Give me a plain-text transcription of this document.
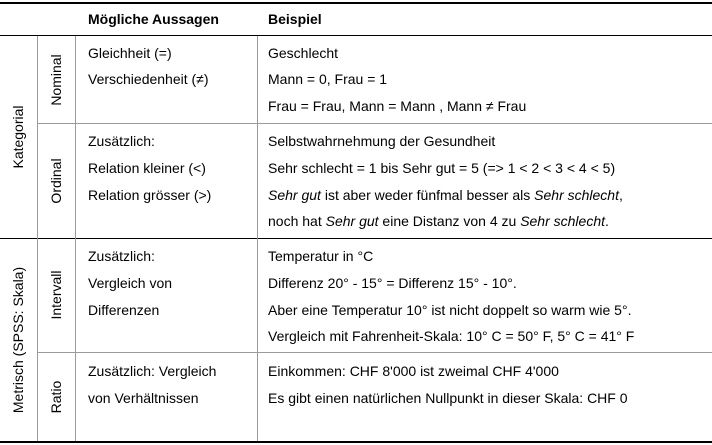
Mögliche Aussagen	Beispiel
Kategorial
Metrisch (SPSS: Skala)
Nominal
Ordinal
Intervall
Ratio
Gleichheit (=)
Verschiedenheit (≠)
Geschlecht
Mann = 0, Frau = 1
Frau = Frau, Mann = Mann , Mann ≠ Frau
Zusätzlich:
Relation kleiner (<)
Relation grösser (>)
Selbstwahrnehmung der Gesundheit
Sehr schlecht = 1 bis Sehr gut = 5 (=> 1 < 2 < 3 < 4 < 5)
Sehr gut ist aber weder fünfmal besser als Sehr schlecht,
noch hat Sehr gut eine Distanz von 4 zu Sehr schlecht.
Zusätzlich:
Vergleich von
Differenzen
Temperatur in °C
Differenz 20° - 15° = Differenz 15° - 10°.
Aber eine Temperatur 10° ist nicht doppelt so warm wie 5°.
Vergleich mit Fahrenheit-Skala: 10° C = 50° F, 5° C = 41° F
Zusätzlich: Vergleich
von Verhältnissen
Einkommen: CHF 8'000 ist zweimal CHF 4'000
Es gibt einen natürlichen Nullpunkt in dieser Skala: CHF 0
